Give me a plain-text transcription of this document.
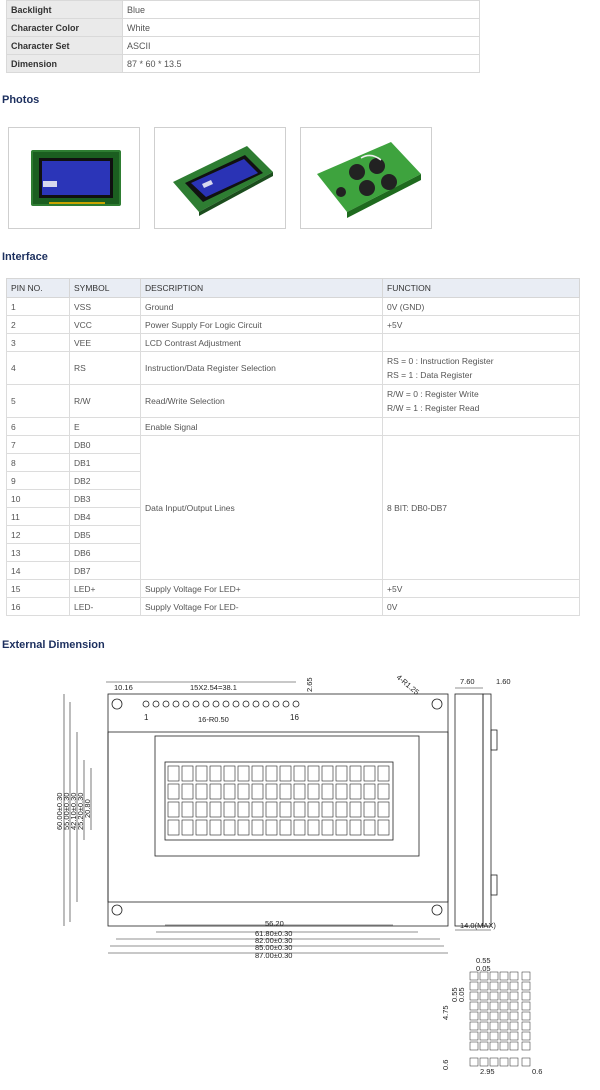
Backlight	Blue
Character Color	White
Character Set	ASCII
Dimension	87 * 60 * 13.5
Photos
Interface
PIN NO.	SYMBOL	DESCRIPTION	FUNCTION
1	VSS	Ground	0V (GND)

2	VCC	Power Supply For Logic Circuit	+5V

3	VEE	LCD Contrast Adjustment	
4	RS	Instruction/Data Register Selection	RS = 0 : Instruction Register
RS = 1 : Data Register

5	R/W	Read/Write Selection	R/W = 0 : Register Write
R/W = 1 : Register Read

6	E	Enable Signal	
7	DB0	Data Input/Output Lines	8 BIT: DB0-DB7

8	DB1		
9	DB2		
10	DB3		
11	DB4		
12	DB5		
13	DB6		
14	DB7		
15	LED+	Supply Voltage For LED+	+5V

16	LED-	Supply Voltage For LED-	0V
External Dimension
10.16	15X2.54=38.1
16-R0.50
1	16
2.65	4-R1.25	7.60	1.60
60.00±0.30
55.00±0.30
42.10±0.30
25.20±0.30
20.80
56.20
61.80±0.30
82.00±0.30
85.00±0.30
87.00±0.30
14.0(MAX)
0.55
0.05
4.75
0.55
0.05
0.6
2.95	0.6
